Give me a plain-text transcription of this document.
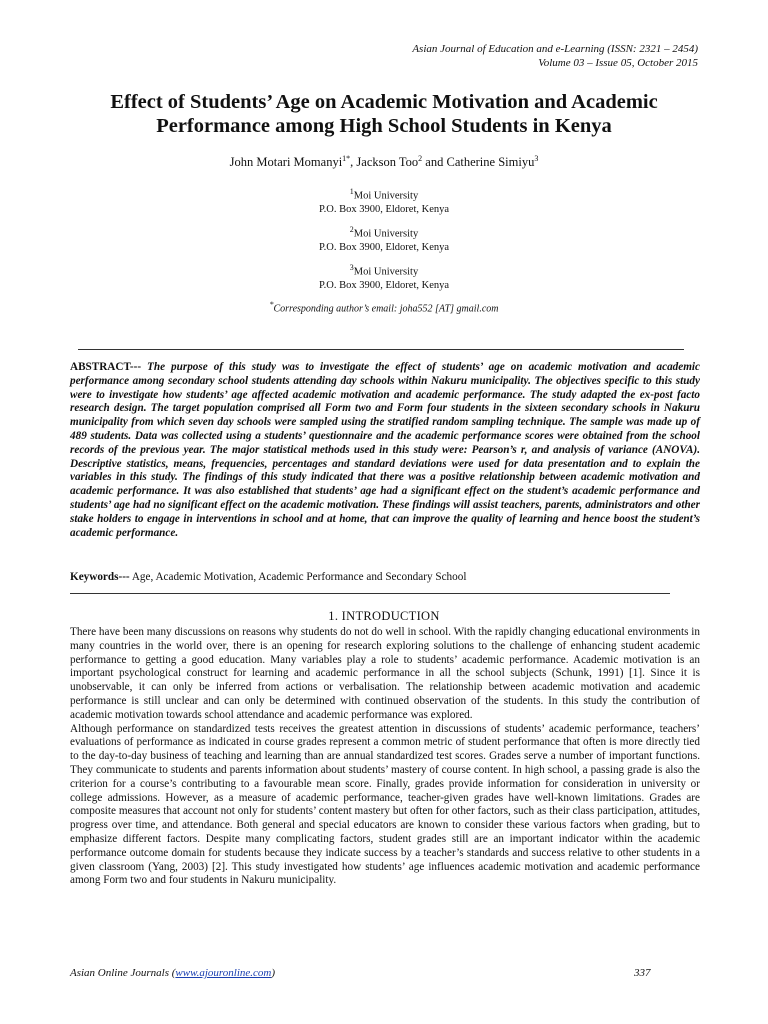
Asian Journal of Education and e-Learning (ISSN: 2321 – 2454)
Volume 03 – Issue 05, October 2015
Effect of Students’ Age on Academic Motivation and Academic
Performance among High School Students in Kenya
John Motari Momanyi$^{1*}$, Jackson Too$^2$ and Catherine Simiyu$^3$
$^1$Moi University
P.O. Box 3900, Eldoret, Kenya
$^2$Moi University
P.O. Box 3900, Eldoret, Kenya
$^3$Moi University
P.O. Box 3900, Eldoret, Kenya
*Corresponding author’s email: joha552 [AT] gmail.com
ABSTRACT--- The purpose of this study was to investigate the effect of students’ age on academic motivation and academic performance among secondary school students attending day schools within Nakuru municipality. The objectives specific to this study were to investigate how students’ age affected academic motivation and academic performance. The study adapted the ex-post facto research design. The target population comprised all Form two and Form four students in the sixteen secondary schools in Nakuru municipality from which seven day schools were sampled using the stratified random sampling technique. The sample was made up of 489 students. Data was collected using a students’ questionnaire and the academic performance scores were obtained from the school records of the previous year. The major statistical methods used in this study were: Pearson’s r, and analysis of variance (ANOVA). Descriptive statistics, means, frequencies, percentages and standard deviations were used for data presentation and to explain the variables in this study. The findings of this study indicated that there was a positive relationship between academic motivation and academic performance. It was also established that students’ age had a significant effect on the student’s academic performance and students’ age had no significant effect on the academic motivation. These findings will assist teachers, parents, administrators and other stake holders to engage in interventions in school and at home, that can improve the quality of learning and hence boost the student’s academic performance.
Keywords--- Age, Academic Motivation, Academic Performance and Secondary School
1. INTRODUCTION

There have been many discussions on reasons why students do not do well in school. With the rapidly changing educational environments in many countries in the world over, there is an opening for research exploring solutions to the challenge of enhancing student academic performance to getting a good education. Many variables play a role to students’ academic performance. Academic motivation is an important psychological construct for learning and academic performance in all the school subjects (Schunk, 1991) [1]. Since it is unobservable, it can only be inferred from actions or verbalisation. The relationship between academic motivation and academic performance is still unclear and can only be determined with continued observation of the students. In this study the contribution of academic motivation towards school attendance and academic performance was explored.

Although performance on standardized tests receives the greatest attention in discussions of students’ academic performance, teachers’ evaluations of performance as indicated in course grades represent a common metric of student performance that often is more directly tied to the day-to-day business of teaching and learning than are annual standardized test scores. Grades serve a number of important functions. They communicate to students and parents information about students’ mastery of course content. In high school, a passing grade is also the criterion for a course’s contributing to a favourable mean score. Finally, grades provide information for consideration in university or college admissions. However, as a measure of academic performance, teacher-given grades have well-known limitations. Grades are composite measures that account not only for students’ content mastery but often for other factors, such as their class participation, attitudes, progress over time, and attendance. Both general and special educators are known to consider these various factors when grading, but to emphasize different factors. Despite many complicating factors, student grades still are an important indicator within the academic performance outcome domain for students because they indicate success by a teacher’s standards and success relative to other students in a given classroom (Yang, 2003) [2]. This study investigated how students’ age influences academic motivation and academic performance among Form two and four students in Nakuru municipality.

Asian Online Journals (www.ajouronline.com)	337
